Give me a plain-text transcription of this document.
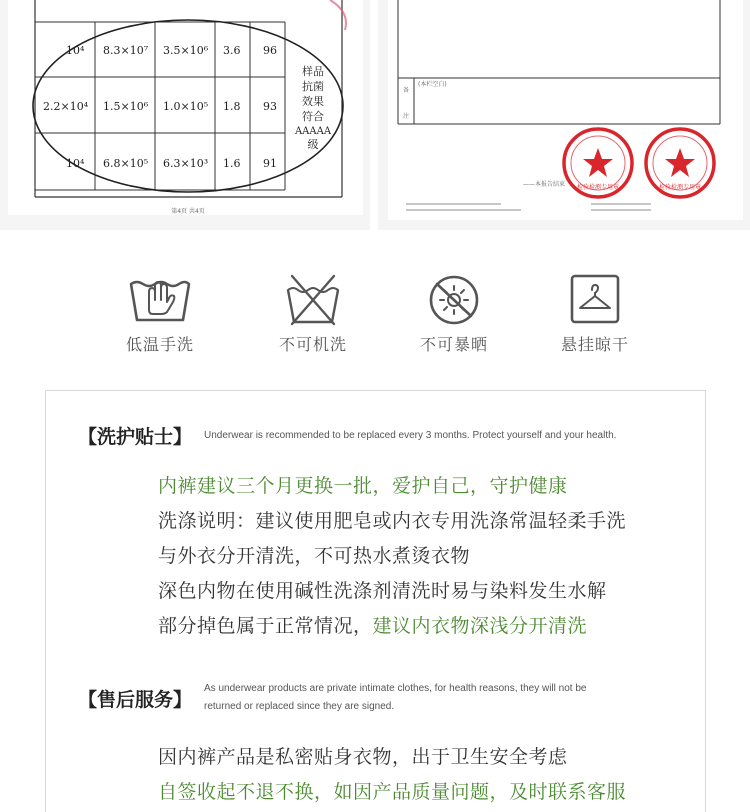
10⁴ 8.3×10⁷ 3.5×10⁶ 3.6 96
2.2×10⁴ 1.5×10⁶ 1.0×10⁵ 1.8 93
10⁴ 6.8×10⁵ 6.3×10³ 1.6 91
样品
抗菌
效果
符合
AAAAA
级
第4页 共4页
备
注
(本栏空白)
——本报告结束 检验检测专用章	检验检测专用章
低温手洗	不可机洗	不可暴晒	悬挂晾干
【洗护贴士】 Underwear is recommended to be replaced every 3 months. Protect yourself and your health.
内裤建议三个月更换一批，爱护自己，守护健康
洗涤说明：建议使用肥皂或内衣专用洗涤常温轻柔手洗
与外衣分开清洗，不可热水煮烫衣物
深色内物在使用碱性洗涤剂清洗时易与染料发生水解
部分掉色属于正常情况，建议内衣物深浅分开清洗
【售后服务】 As underwear products are private intimate clothes, for health reasons, they will not be
returned or replaced since they are signed.
因内裤产品是私密贴身衣物，出于卫生安全考虑
自签收起不退不换，如因产品质量问题，及时联系客服
